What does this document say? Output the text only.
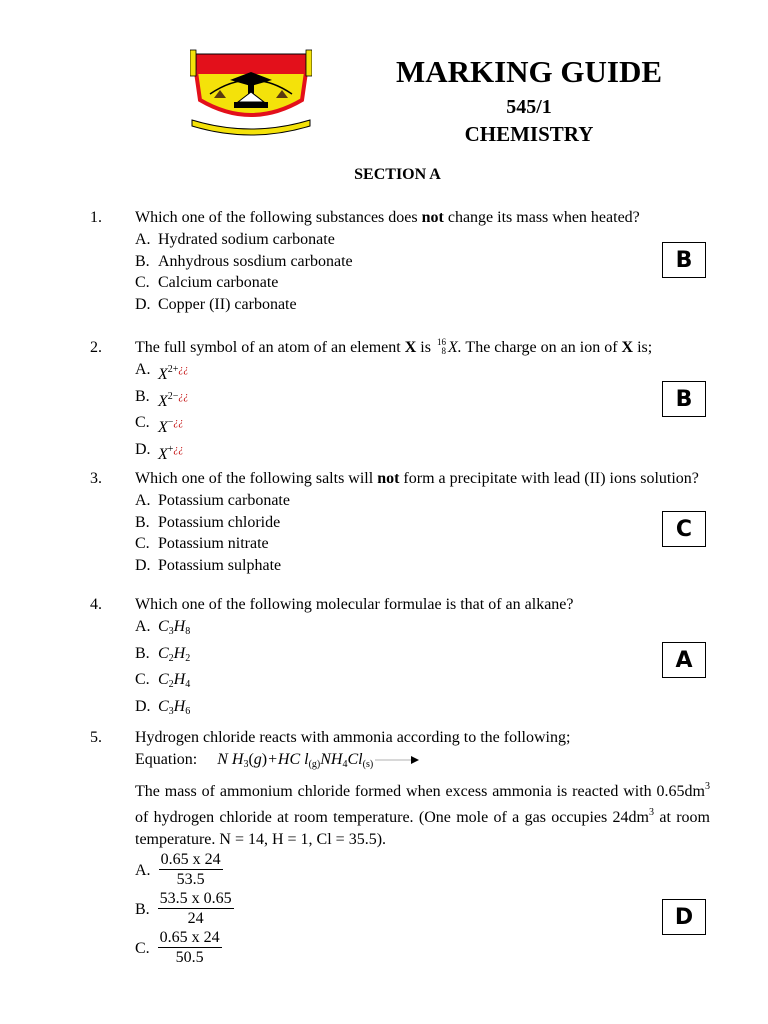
MARKING GUIDE
545/1
CHEMISTRY
SECTION A
1. Which one of the following substances does not change its mass when heated?
A. Hydrated sodium carbonate
B. Anhydrous sosdium carbonate
C. Calcium carbonate
D. Copper (II) carbonate
B
2. The full symbol of an atom of an element X is 16
8 X. The charge on an ion of X is;
A. $X^{2+¿¿}$
B. $X^{2-¿¿}$
C. X−¿¿
D. X+¿¿
B
3. Which one of the following salts will not form a precipitate with lead (II) ions solution?
A. Potassium carbonate
B. Potassium chloride
C. Potassium nitrate
D. Potassium sulphate
C
4. Which one of the following molecular formulae is that of an alkane?
A. C3H8
B. C2H2
C. C2H4
D. C3H6
A
5. Hydrogen chloride reacts with ammonia according to the following;
Equation: N H3(g)+HC l(g)NH4Cl(s) →
The mass of ammonium chloride formed when excess ammonia is reacted with $0.65dm^3$ of hydrogen chloride at room temperature. (One mole of a gas occupies $24dm^3$ at room temperature. N = 14, H = 1, Cl = 35.5).
A. $\frac{0.65 x 24}{53.5}$
B. $\frac{53.5 x 0.65}{24}$
C. $\frac{0.65 x 24}{50.5}$
D
